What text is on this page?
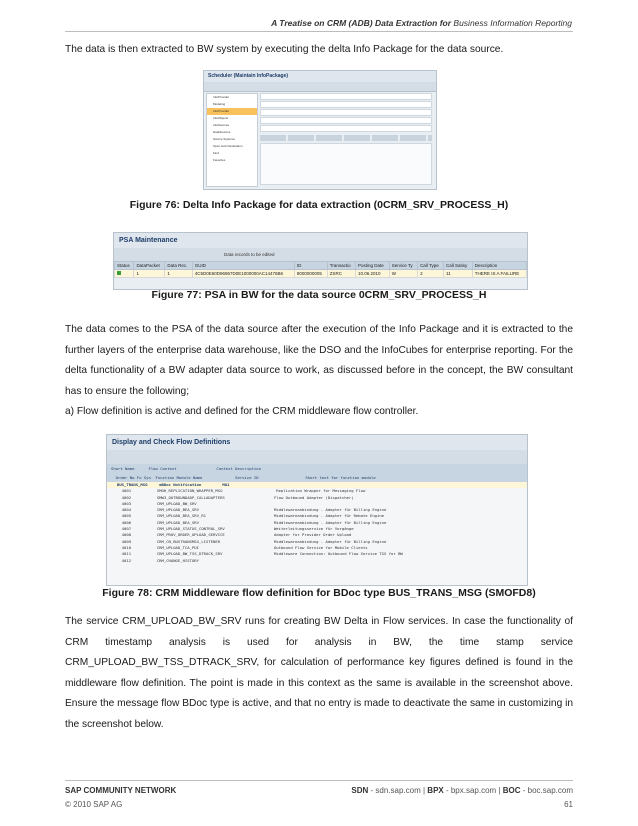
A Treatise on CRM (ADB) Data Extraction for Business Information Reporting
The data is then extracted to BW system by executing the delta Info Package for the data source.
Scheduler (Maintain InfoPackage)
InfoProvider
Modeling
InfoProvider
InfoObjects
InfoSources
DataSources
Source Systems
Open Hub Destination
Find
Favorites
Figure 76: Delta Info Package for data extraction (0CRM_SRV_PROCESS_H)
PSA Maintenance
Data records to be edited
Status	DataPacket	Data Rec.	GUID	ID	Transactio	Posting Date	Service Ty	Call Type	Call Satisy	Description
	1	1	4C5D0E60D96967D0E1000000AC14476B6	8000000005	ZSRC	10.06.2010	W	2	11	THERE IS A FAILURE
Figure 77: PSA in BW for the data source 0CRM_SRV_PROCESS_H
The data comes to the PSA of the data source after the execution of the Info Package and it is extracted to the further layers of the enterprise data warehouse, like the DSO and the InfoCubes for enterprise reporting. For the delta functionality of a BW adapter data source to work, as discussed before in the concept, the BW consultant has to ensure the following;
a) Flow definition is active and defined for the CRM middleware flow controller.
Display and Check Flow Definitions
Short Name      Flow Context                 Context Description
Order No Fu Syn  Function Module Name              Service ID                    Short text for function module
BUS_TRANS_MSG     mBDoc Notification         MO1
4001           SMOH_REPLICATION_WRAPPER_MSG                       Replication Wrapper for Messaging Flow
4002           SMW3_OUTBOUNDADP_CALLADAPTERS                     Flow Outbound Adapter (Dispatcher)
4003           CRM_UPLOAD_BW_SRV
4004           CRM_UPLOAD_BEA_SRV                                Middlewareanbindung - Adapter für Billing Engine
4005           CRM_UPLOAD_BEA_SRV_R1                             Middlewareanbindung - Adapter für Rebate Engine
4006           CRM_UPLOAD_BEA_SRV                                Middlewareanbindung - Adapter für Billing Engine
4007           CRM_UPLOAD_STATUS_CONTROL_SRV                     Weiterleitungsservice für Vorgänge
4008           CRM_PROV_ORDER_UPLOAD_SERVICE                     Adapter for Provider Order Upload
4009           CRM_CN_BUSTRANSMSG_LISTENER                       Middlewareanbindung - Adapter für Billing Engine
4010           CRM_UPLOAD_TCA_PUI                                Outbound Flow Service for Mobile Clients
4011           CRM_UPLOAD_BW_TSS_DTRACK_SRV                      Middleware Connection: Outbound Flow Service TSS for BW
4012           CRM_CHANGE_HISTORY
Figure 78: CRM Middleware flow definition for BDoc type BUS_TRANS_MSG (SMOFD8)
The service CRM_UPLOAD_BW_SRV runs for creating BW Delta in Flow services. In case the functionality of CRM timestamp analysis is used for analysis in BW, the time stamp service CRM_UPLOAD_BW_TSS_DTRACK_SRV, for calculation of performance key figures defined is found in the middleware flow definition. The point is made in this context as the same is available in the screenshot above. Ensure the message flow BDoc type is active, and that no entry is made to deactivate the same in customizing in the screenshot below.
SAP COMMUNITY NETWORK	SDN - sdn.sap.com | BPX - bpx.sap.com | BOC - boc.sap.com
© 2010 SAP AG	61
